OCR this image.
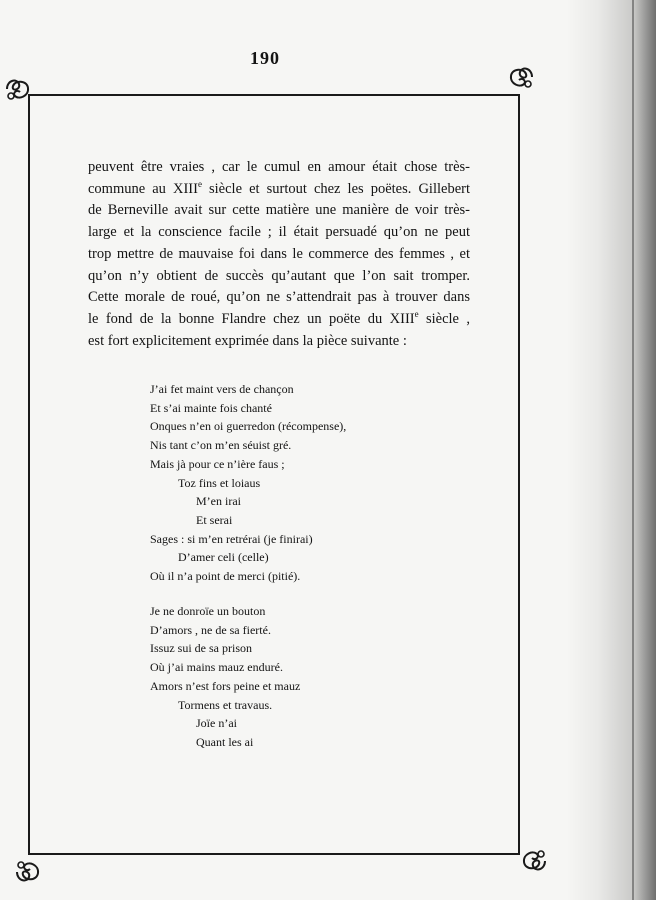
190

peuvent être vraies , car le cumul en amour était chose très-
commune au XIIIe siècle et surtout chez les poëtes. Gillebert
de Berneville avait sur cette matière une manière de voir très-
large et la conscience facile ; il était persuadé qu’on ne peut
trop mettre de mauvaise foi dans le commerce des femmes , et
qu’on n’y obtient de succès qu’autant que l’on sait tromper.
Cette morale de roué, qu’on ne s’attendrait pas à trouver dans
le fond de la bonne Flandre chez un poëte du XIIIe siècle ,
est fort explicitement exprimée dans la pièce suivante :

J’ai fet maint vers de chançon
Et s’ai mainte fois chanté
Onques n’en oi guerredon (récompense),
Nis tant c’on m’en séuist gré.
Mais jà pour ce n’ière faus ;
Toz fins et loiaus
M’en irai
Et serai
Sages : si m’en retrérai (je finirai)
D’amer celi (celle)
Où il n’a point de merci (pitié).
Je ne donroïe un bouton
D’amors , ne de sa fierté.
Issuz sui de sa prison
Où j’ai mains mauz enduré.
Amors n’est fors peine et mauz
Tormens et travaus.
Joïe n’ai
Quant les ai
